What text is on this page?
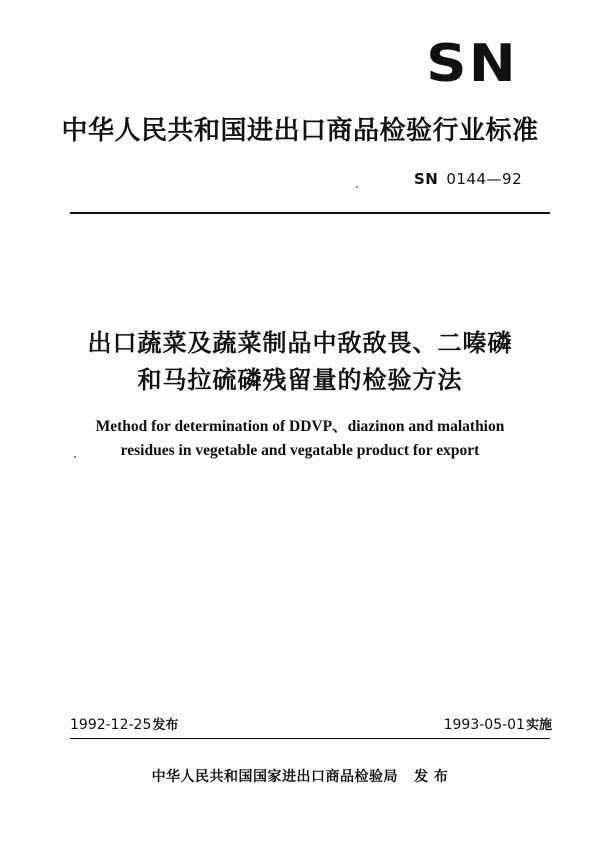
SN
中华人民共和国进出口商品检验行业标准
SN 0144—92
出口蔬菜及蔬菜制品中敌敌畏、二嗪磷
和马拉硫磷残留量的检验方法
Method for determination of DDVP、diazinon and malathion
residues in vegetable and vegatable product for export
1992-12-25发布	1993-05-01实施
中华人民共和国国家进出口商品检验局 发 布
